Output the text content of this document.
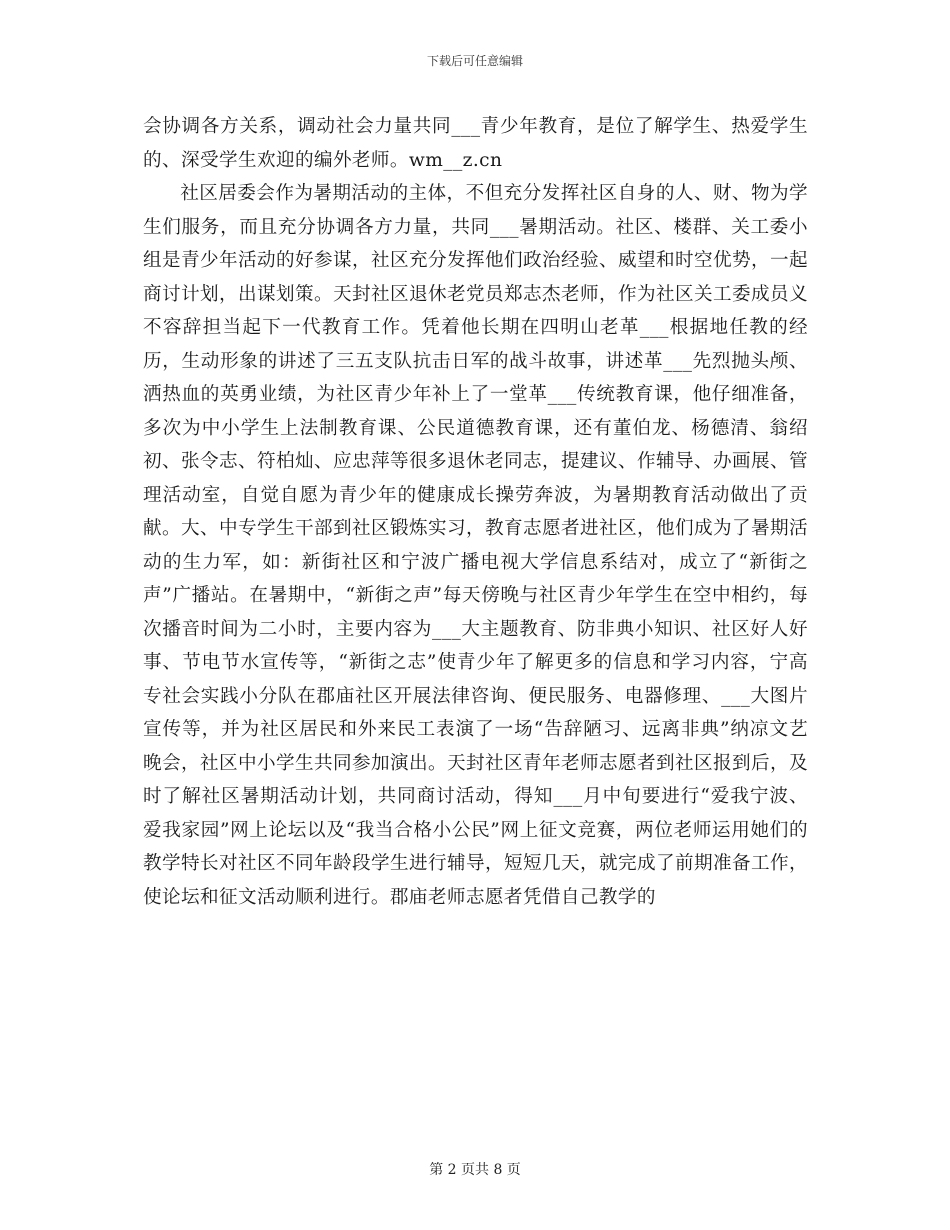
下载后可任意编辑

会协调各方关系，调动社会力量共同___青少年教育，是位了解学生、热爱学生的、深受学生欢迎的编外老师。wm__z.cn

社区居委会作为暑期活动的主体，不但充分发挥社区自身的人、财、物为学生们服务，而且充分协调各方力量，共同___暑期活动。社区、楼群、关工委小组是青少年活动的好参谋，社区充分发挥他们政治经验、威望和时空优势，一起商讨计划，出谋划策。天封社区退休老党员郑志杰老师，作为社区关工委成员义不容辞担当起下一代教育工作。凭着他长期在四明山老革___根据地任教的经历，生动形象的讲述了三五支队抗击日军的战斗故事，讲述革___先烈抛头颅、洒热血的英勇业绩，为社区青少年补上了一堂革___传统教育课，他仔细准备，多次为中小学生上法制教育课、公民道德教育课，还有董伯龙、杨德清、翁绍初、张令志、符柏灿、应忠萍等很多退休老同志，提建议、作辅导、办画展、管理活动室，自觉自愿为青少年的健康成长操劳奔波，为暑期教育活动做出了贡献。大、中专学生干部到社区锻炼实习，教育志愿者进社区，他们成为了暑期活动的生力军，如：新街社区和宁波广播电视大学信息系结对，成立了“新街之声”广播站。在暑期中，“新街之声”每天傍晚与社区青少年学生在空中相约，每次播音时间为二小时，主要内容为___大主题教育、防非典小知识、社区好人好事、节电节水宣传等，“新街之志”使青少年了解更多的信息和学习内容，宁高专社会实践小分队在郡庙社区开展法律咨询、便民服务、电器修理、___大图片宣传等，并为社区居民和外来民工表演了一场“告辞陋习、远离非典”纳凉文艺晚会，社区中小学生共同参加演出。天封社区青年老师志愿者到社区报到后，及时了解社区暑期活动计划，共同商讨活动，得知___月中旬要进行“爱我宁波、爱我家园”网上论坛以及“我当合格小公民”网上征文竞赛，两位老师运用她们的教学特长对社区不同年龄段学生进行辅导，短短几天，就完成了前期准备工作，使论坛和征文活动顺利进行。郡庙老师志愿者凭借自己教学的

第 2 页共 8 页
